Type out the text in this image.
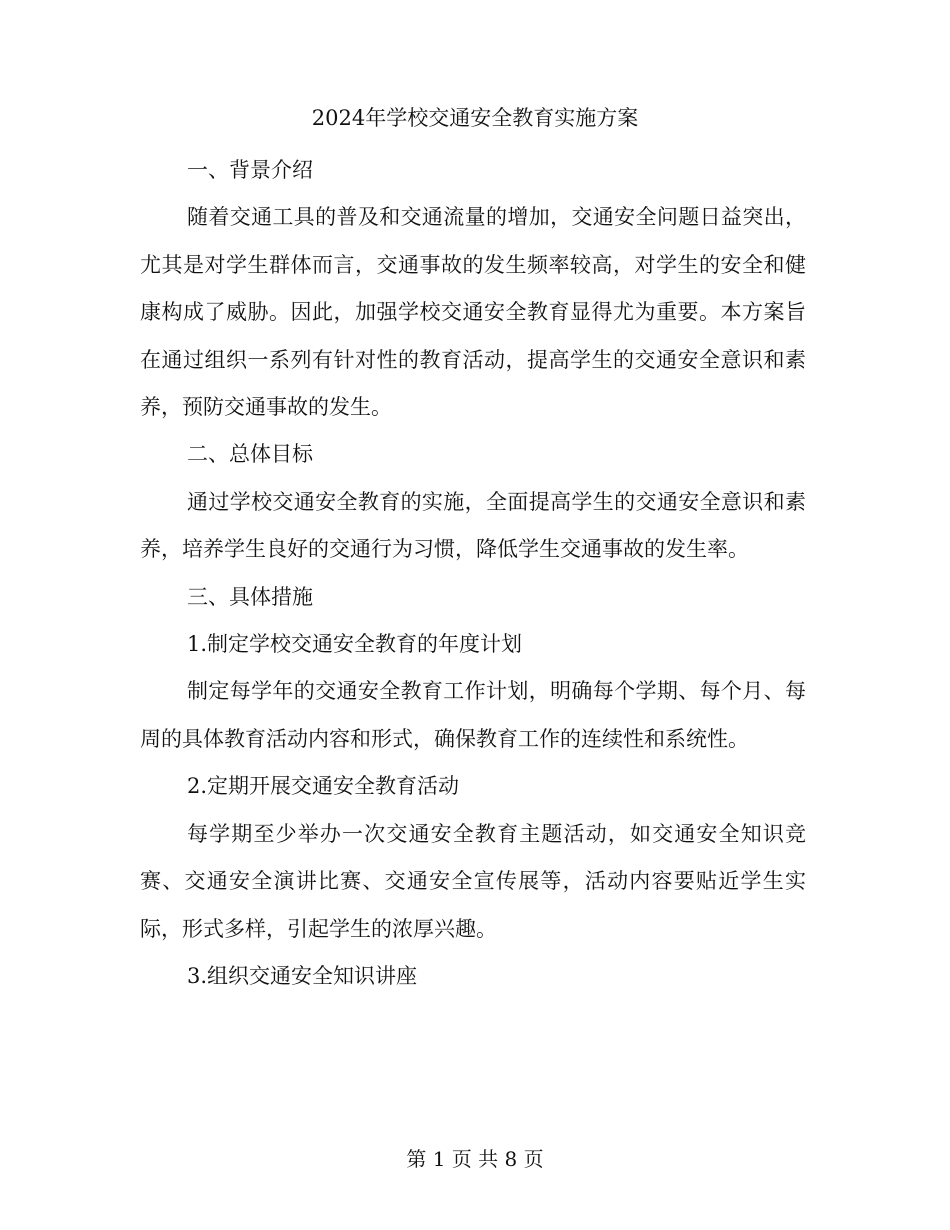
2024年学校交通安全教育实施方案

一、背景介绍

随着交通工具的普及和交通流量的增加，交通安全问题日益突出，尤其是对学生群体而言，交通事故的发生频率较高，对学生的安全和健康构成了威胁。因此，加强学校交通安全教育显得尤为重要。本方案旨在通过组织一系列有针对性的教育活动，提高学生的交通安全意识和素养，预防交通事故的发生。

二、总体目标

通过学校交通安全教育的实施，全面提高学生的交通安全意识和素养，培养学生良好的交通行为习惯，降低学生交通事故的发生率。

三、具体措施

1.制定学校交通安全教育的年度计划

制定每学年的交通安全教育工作计划，明确每个学期、每个月、每周的具体教育活动内容和形式，确保教育工作的连续性和系统性。

2.定期开展交通安全教育活动

每学期至少举办一次交通安全教育主题活动，如交通安全知识竞赛、交通安全演讲比赛、交通安全宣传展等，活动内容要贴近学生实际，形式多样，引起学生的浓厚兴趣。

3.组织交通安全知识讲座

第 1 页 共 8 页
